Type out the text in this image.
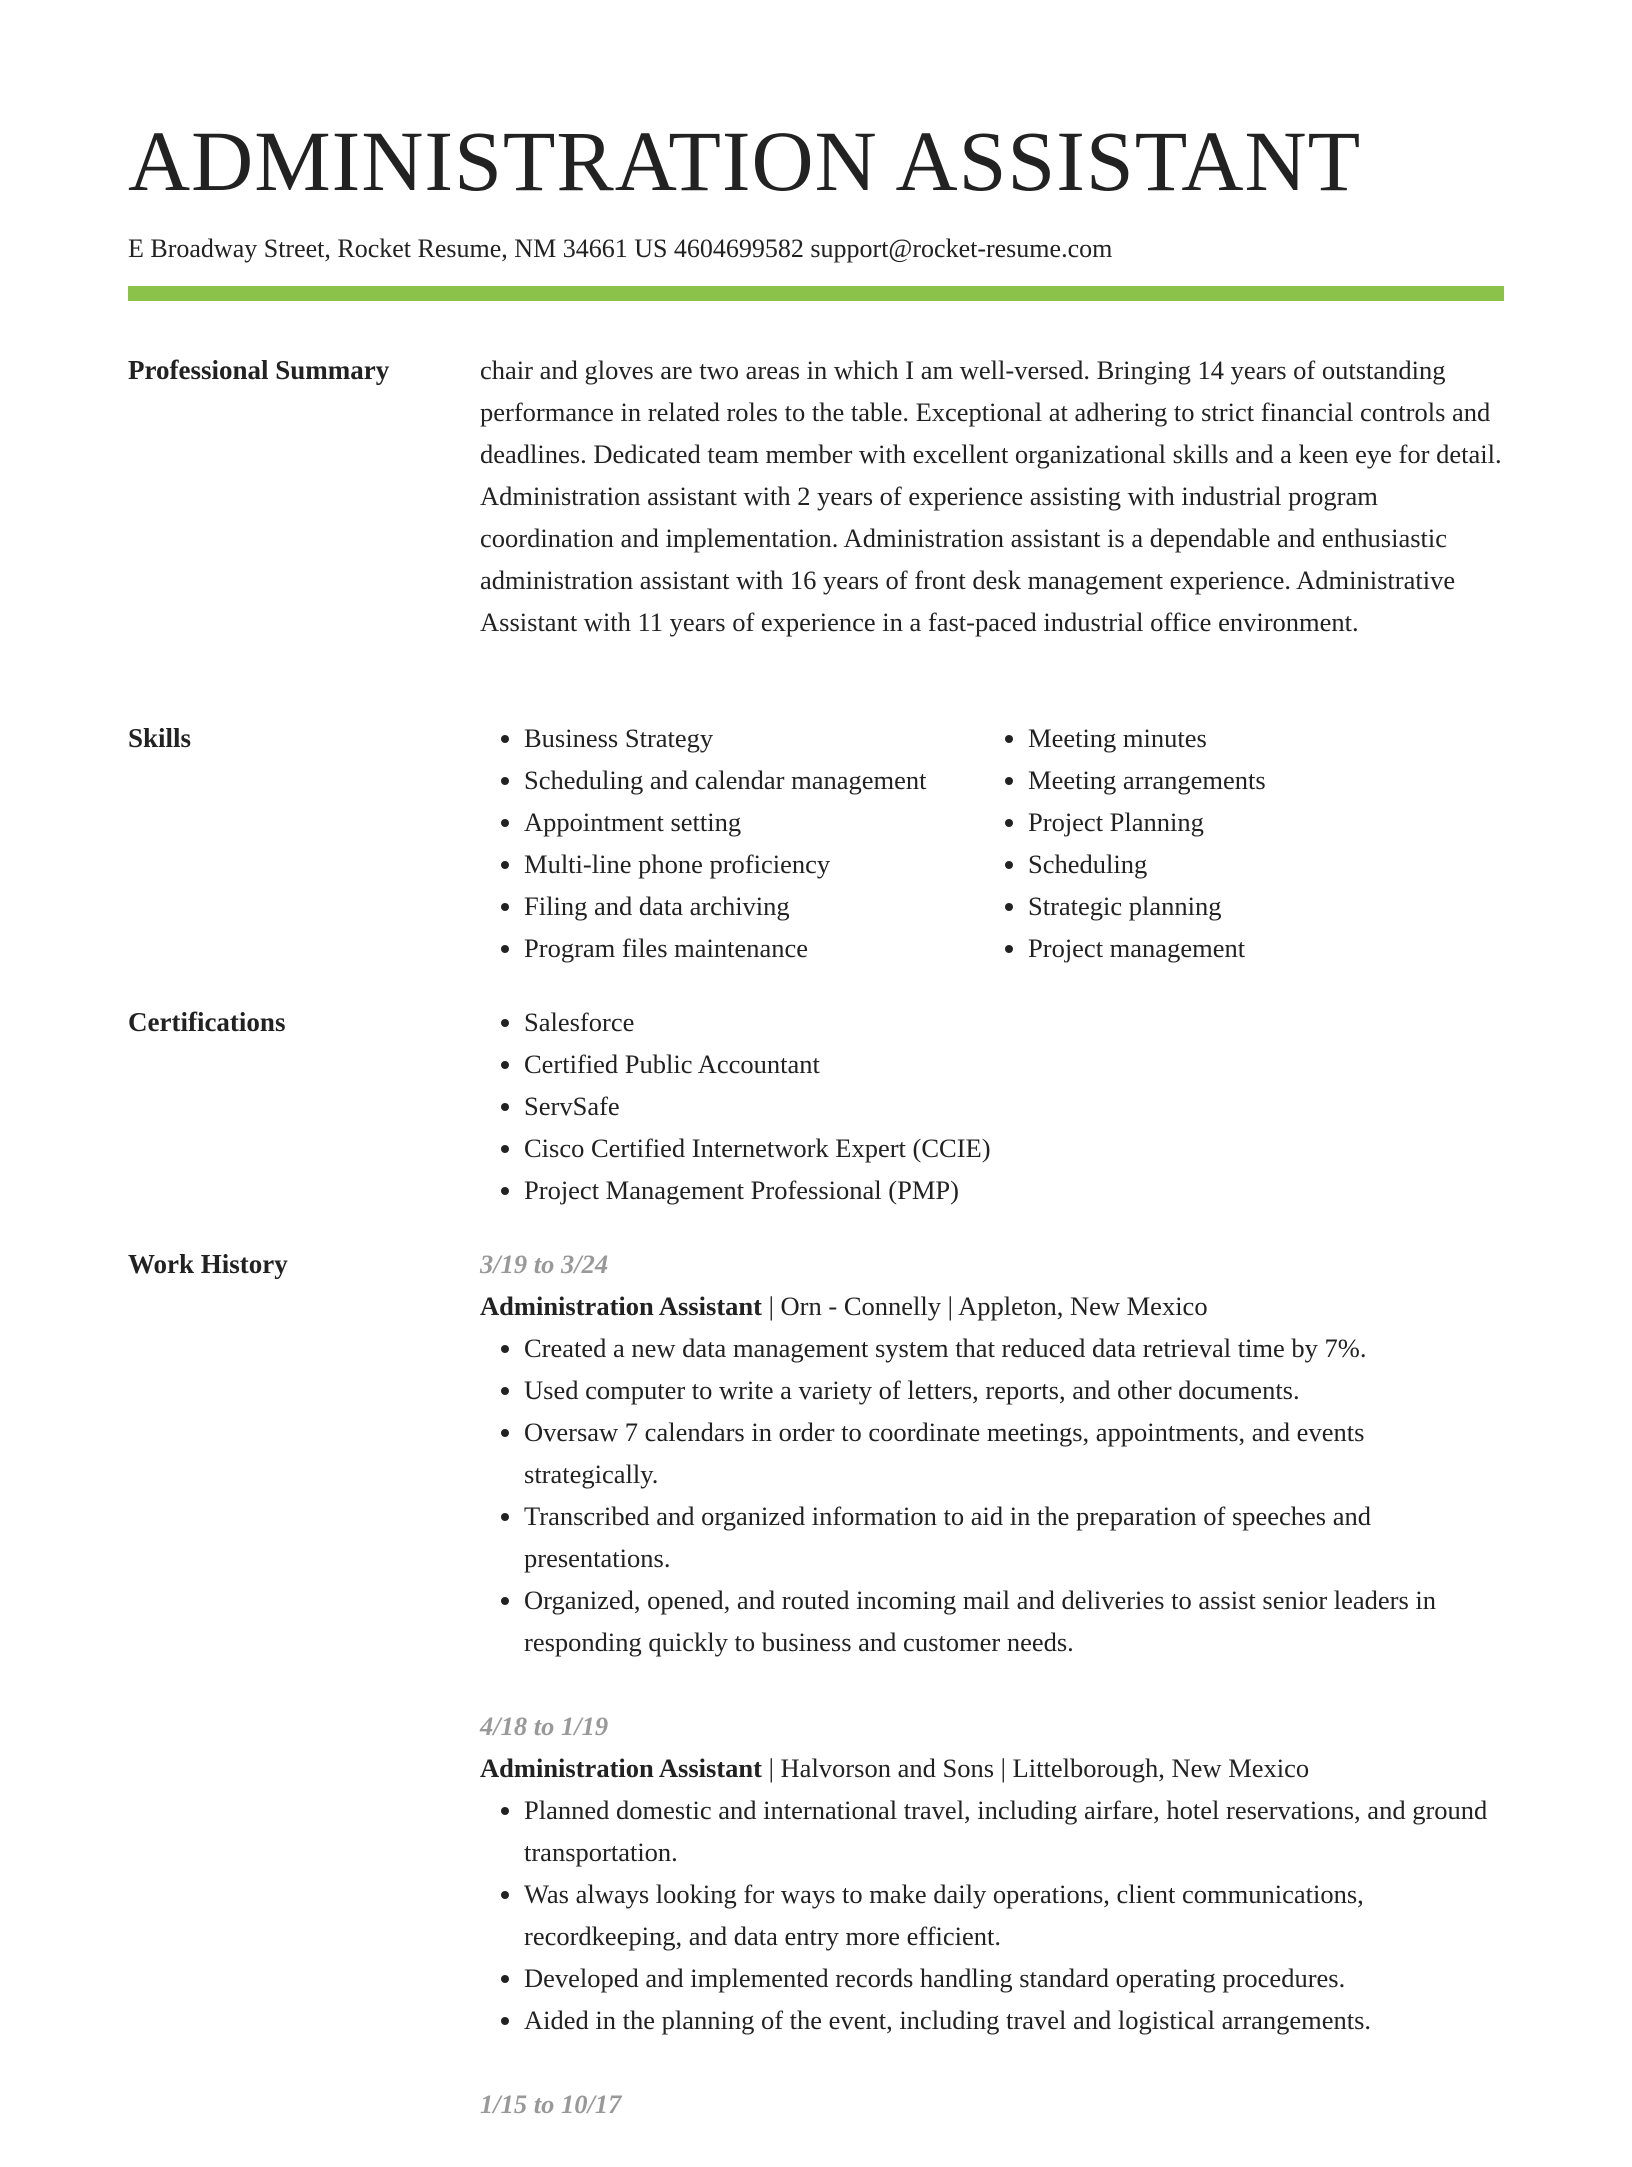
ADMINISTRATION ASSISTANT
E Broadway Street, Rocket Resume, NM 34661 US 4604699582 support@rocket-resume.com
Professional Summary	chair and gloves are two areas in which I am well-versed. Bringing 14 years of outstanding performance in related roles to the table. Exceptional at adhering to strict financial controls and deadlines. Dedicated team member with excellent organizational skills and a keen eye for detail. Administration assistant with 2 years of experience assisting with industrial program coordination and implementation. Administration assistant is a dependable and enthusiastic administration assistant with 16 years of front desk management experience. Administrative Assistant with 11 years of experience in a fast-paced industrial office environment.

Skills	• Business Strategy
• Scheduling and calendar management
• Appointment setting
• Multi-line phone proficiency
• Filing and data archiving
• Program files maintenance
• Meeting minutes
• Meeting arrangements
• Project Planning
• Scheduling
• Strategic planning
• Project management
Certifications	• Salesforce
• Certified Public Accountant
• ServSafe
• Cisco Certified Internetwork Expert (CCIE)
• Project Management Professional (PMP)
Work History	3/19 to 3/24
Administration Assistant | Orn - Connelly | Appleton, New Mexico
• Created a new data management system that reduced data retrieval time by 7%.
• Used computer to write a variety of letters, reports, and other documents.
• Oversaw 7 calendars in order to coordinate meetings, appointments, and events strategically.
• Transcribed and organized information to aid in the preparation of speeches and presentations.
• Organized, opened, and routed incoming mail and deliveries to assist senior leaders in responding quickly to business and customer needs.
4/18 to 1/19
Administration Assistant | Halvorson and Sons | Littelborough, New Mexico
• Planned domestic and international travel, including airfare, hotel reservations, and ground transportation.
• Was always looking for ways to make daily operations, client communications, recordkeeping, and data entry more efficient.
• Developed and implemented records handling standard operating procedures.
• Aided in the planning of the event, including travel and logistical arrangements.
1/15 to 10/17
